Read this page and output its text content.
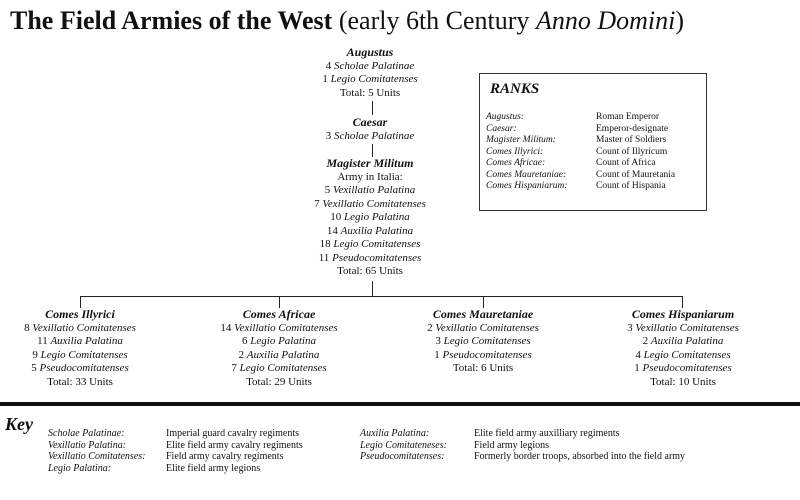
The Field Armies of the West (early 6th Century Anno Domini)
Augustus
4 Scholae Palatinae
1 Legio Comitatenses
Total: 5 Units
Caesar
3 Scholae Palatinae
Magister Militum
Army in Italia:
5 Vexillatio Palatina
7 Vexillatio Comitatenses
10 Legio Palatina
14 Auxilia Palatina
18 Legio Comitatenses
11 Pseudocomitatenses
Total: 65 Units
Comes Illyrici
8 Vexillatio Comitatenses
11 Auxilia Palatina
9 Legio Comitatenses
5 Pseudocomitatenses
Total: 33 Units
Comes Africae
14 Vexillatio Comitatenses
6 Legio Palatina
2 Auxilia Palatina
7 Legio Comitatenses
Total: 29 Units
Comes Mauretaniae
2 Vexillatio Comitatenses
3 Legio Comitatenses
1 Pseudocomitatenses
Total: 6 Units
Comes Hispaniarum
3 Vexillatio Comitatenses
2 Auxilia Palatina
4 Legio Comitatenses
1 Pseudocomitatenses
Total: 10 Units
RANKS
Augustus:	Roman Emperor
Caesar:	Emperor-designate
Magister Militum:	Master of Soldiers
Comes Illyrici:	Count of Illyricum
Comes Africae:	Count of Africa
Comes Mauretaniae:	Count of Mauretania
Comes Hispaniarum:	Count of Hispania
Key Scholae Palatinae:	Imperial guard cavalry regiments
Vexillatio Palatina:	Elite field army cavalry regiments
Vexillatio Comitatenses: Field army cavalry regiments
Legio Palatina:	Elite field army legions
Auxilia Palatina:	Elite field army auxilliary regiments
Legio Comitateneses:	Field army legions
Pseudocomitatenses:	Formerly border troops, absorbed into the field army
